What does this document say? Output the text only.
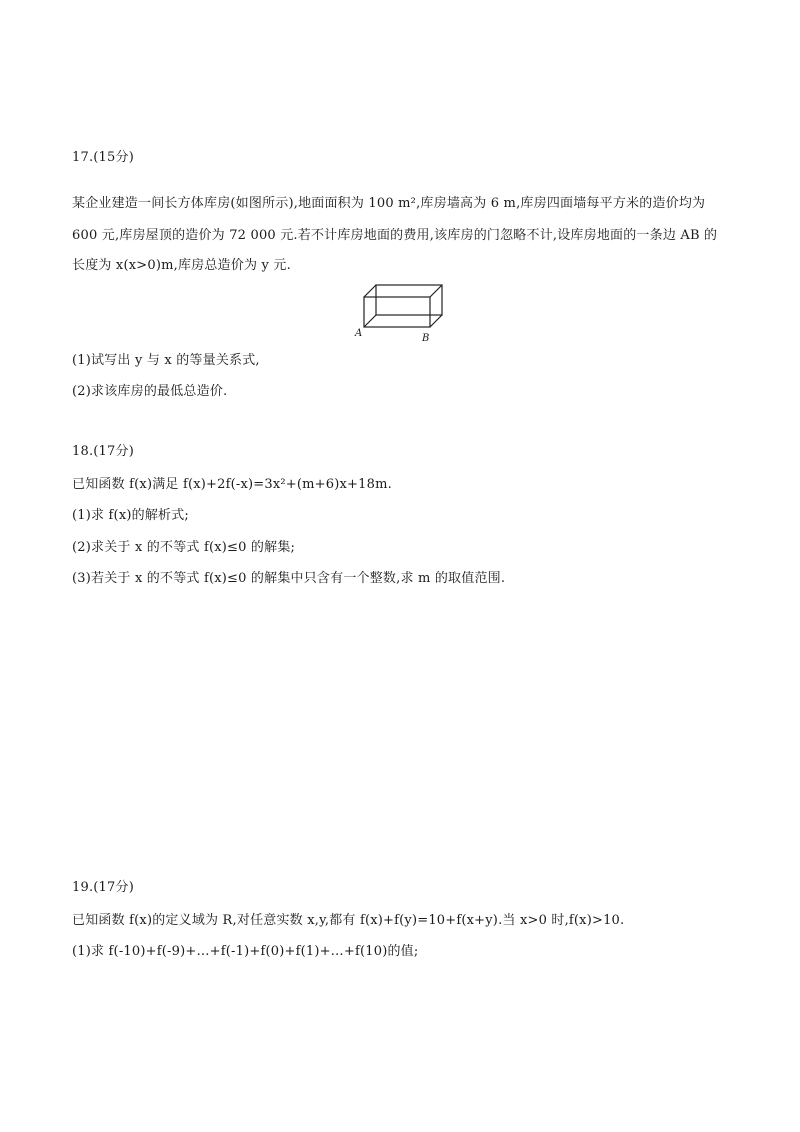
17.(15分)
某企业建造一间长方体库房(如图所示),地面面积为 100 m²,库房墙高为 6 m,库房四面墙每平方米的造价均为
600 元,库房屋顶的造价为 72 000 元.若不计库房地面的费用,该库房的门忽略不计,设库房地面的一条边 AB 的
长度为 x(x>0)m,库房总造价为 y 元.
A	B
(1)试写出 y 与 x 的等量关系式,
(2)求该库房的最低总造价.
18.(17分)
已知函数 f(x)满足 f(x)+2f(-x)=3x²+(m+6)x+18m.
(1)求 f(x)的解析式;
(2)求关于 x 的不等式 f(x)≤0 的解集;
(3)若关于 x 的不等式 f(x)≤0 的解集中只含有一个整数,求 m 的取值范围.
19.(17分)
已知函数 f(x)的定义域为 R,对任意实数 x,y,都有 f(x)+f(y)=10+f(x+y).当 x>0 时,f(x)>10.
(1)求 f(-10)+f(-9)+…+f(-1)+f(0)+f(1)+…+f(10)的值;
